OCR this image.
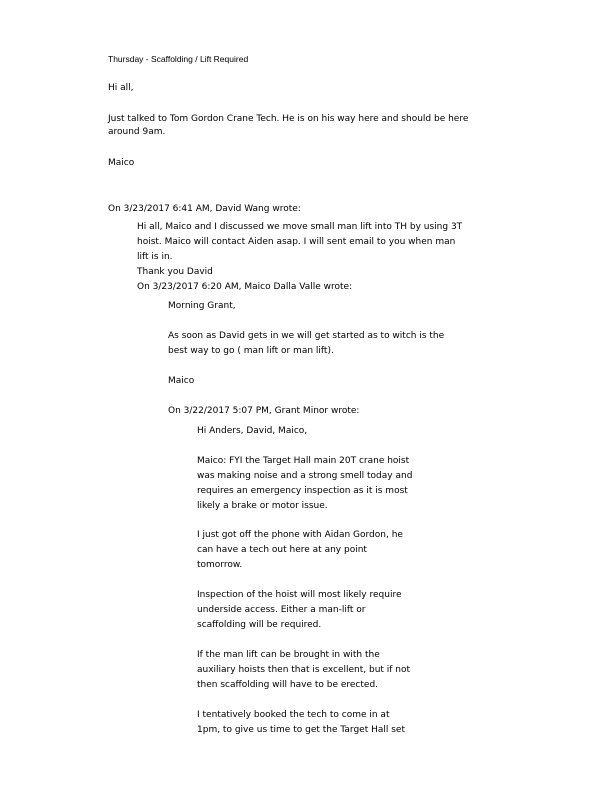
Thursday - Scaffolding / Lift Required
Hi all,
Just talked to Tom Gordon Crane Tech. He is on his way here and should be here
around 9am.
Maico
On 3/23/2017 6:41 AM, David Wang wrote:
Hi all, Maico and I discussed we move small man lift into TH by using 3T
hoist. Maico will contact Aiden asap. I will sent email to you when man
lift is in.
Thank you David
On 3/23/2017 6:20 AM, Maico Dalla Valle wrote:
Morning Grant,
As soon as David gets in we will get started as to witch is the
best way to go ( man lift or man lift).
Maico
On 3/22/2017 5:07 PM, Grant Minor wrote:
Hi Anders, David, Maico,
Maico: FYI the Target Hall main 20T crane hoist
was making noise and a strong smell today and
requires an emergency inspection as it is most
likely a brake or motor issue.
I just got off the phone with Aidan Gordon, he
can have a tech out here at any point
tomorrow.
Inspection of the hoist will most likely require
underside access. Either a man-lift or
scaffolding will be required.
If the man lift can be brought in with the
auxiliary hoists then that is excellent, but if not
then scaffolding will have to be erected.
I tentatively booked the tech to come in at
1pm, to give us time to get the Target Hall set
